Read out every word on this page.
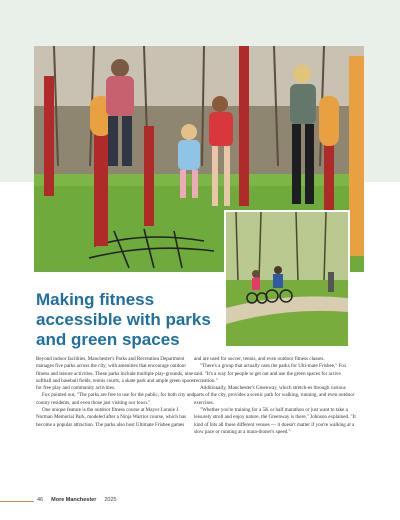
Making fitness
accessible with parks
and green spaces

Beyond indoor facilities, Manchester's Parks and Recreation Department manages five parks across the city, with amenities that encourage outdoor fitness and leisure activities. These parks include multiple play-grounds, nine softball and baseball fields, tennis courts, a skate park and ample green spaces for free play and community activities.

Fox pointed out, "The parks are free to use for the public, for both city and county residents, and even those just visiting our town."

One unique feature is the outdoor fitness course at Mayor Lonnie J. Norman Memorial Park, modeled after a Ninja Warrior course, which has become a popular attraction. The parks also host Ultimate Frisbee games

and are used for soccer, tennis, and even outdoor fitness classes.

"There's a group that actually uses the parks for Ulti-mate Frisbee," Fox said. "It's a way for people to get out and use the green spaces for active recreation."

Additionally, Manchester's Greenway, which stretch-es through various parts of the city, provides a scenic path for walking, running, and even outdoor exercises.

"Whether you're training for a 5K or half marathon or just want to take a leisurely stroll and enjoy nature, the Greenway is there," Johnson explained. "It kind of hits all those different venues — it doesn't matter if you're walking at a slow pace or running at a mara-thoner's speed."

46 More Manchester 2025
